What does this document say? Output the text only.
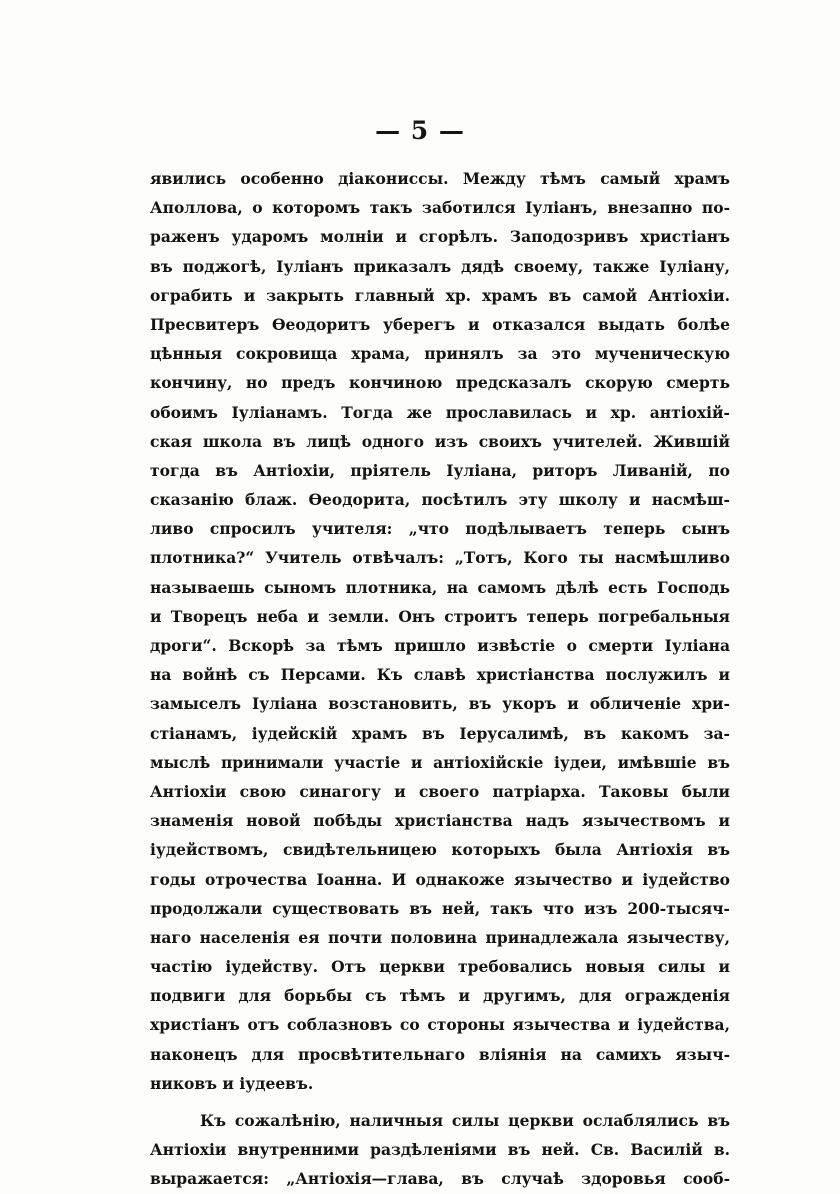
— 5 —
явились особенно діакониссы. Между тѣмъ самый храмъ
Аполлова, о которомъ такъ заботился Іуліанъ, внезапно по-
раженъ ударомъ молніи и сгорѣлъ. Заподозривъ христіанъ
въ поджогѣ, Іуліанъ приказалъ дядѣ своему, также Іуліану,
ограбить и закрыть главный хр. храмъ въ самой Антіохіи.
Пресвитеръ Ѳеодоритъ уберегъ и отказался выдать болѣе
цѣнныя сокровища храма, принялъ за это мученическую
кончину, но предъ кончиною предсказалъ скорую смерть
обоимъ Іуліанамъ. Тогда же прославилась и хр. антіохій-
ская школа въ лицѣ одного изъ своихъ учителей. Жившій
тогда въ Антіохіи, пріятель Іуліана, риторъ Ливаній, по
сказанію блаж. Ѳеодорита, посѣтилъ эту школу и насмѣш-
ливо спросилъ учителя: „что подѣлываетъ теперь сынъ
плотника?“ Учитель отвѣчалъ: „Тотъ, Кого ты насмѣшливо
называешь сыномъ плотника, на самомъ дѣлѣ есть Господь
и Творецъ неба и земли. Онъ строитъ теперь погребальныя
дроги“. Вскорѣ за тѣмъ пришло извѣстіе о смерти Іуліана
на войнѣ съ Персами. Къ славѣ христіанства послужилъ и
замыселъ Іуліана возстановить, въ укоръ и обличеніе хри-
стіанамъ, іудейскій храмъ въ Іерусалимѣ, въ какомъ за-
мыслѣ принимали участіе и антіохійскіе іудеи, имѣвшіе въ
Антіохіи свою синагогу и своего патріарха. Таковы были
знаменія новой побѣды христіанства надъ язычествомъ и
іудействомъ, свидѣтельницею которыхъ была Антіохія въ
годы отрочества Іоанна. И однакоже язычество и іудейство
продолжали существовать въ ней, такъ что изъ 200-тысяч-
наго населенія ея почти половина принадлежала язычеству,
частію іудейству. Отъ церкви требовались новыя силы и
подвиги для борьбы съ тѣмъ и другимъ, для огражденія
христіанъ отъ соблазновъ со стороны язычества и іудейства,
наконецъ для просвѣтительнаго вліянія на самихъ языч-
никовъ и іудеевъ.
Къ сожалѣнію, наличныя силы церкви ослаблялись въ
Антіохіи внутренними раздѣленіями въ ней. Св. Василій в.
выражается: „Антіохія—глава, въ случаѣ здоровья сооб-
